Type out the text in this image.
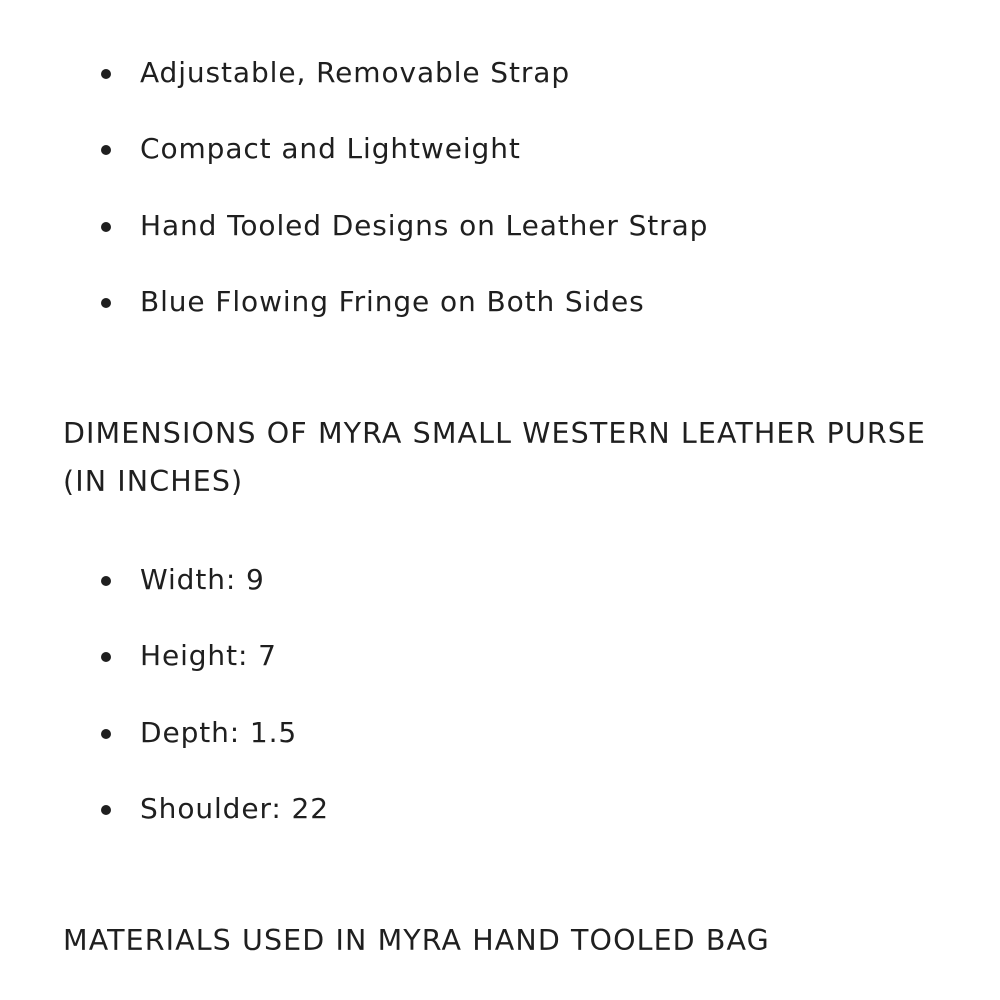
Adjustable, Removable Strap
Compact and Lightweight
Hand Tooled Designs on Leather Strap
Blue Flowing Fringe on Both Sides
DIMENSIONS OF MYRA SMALL WESTERN LEATHER PURSE (IN INCHES)
Width: 9
Height: 7
Depth: 1.5
Shoulder: 22
MATERIALS USED IN MYRA HAND TOOLED BAG
